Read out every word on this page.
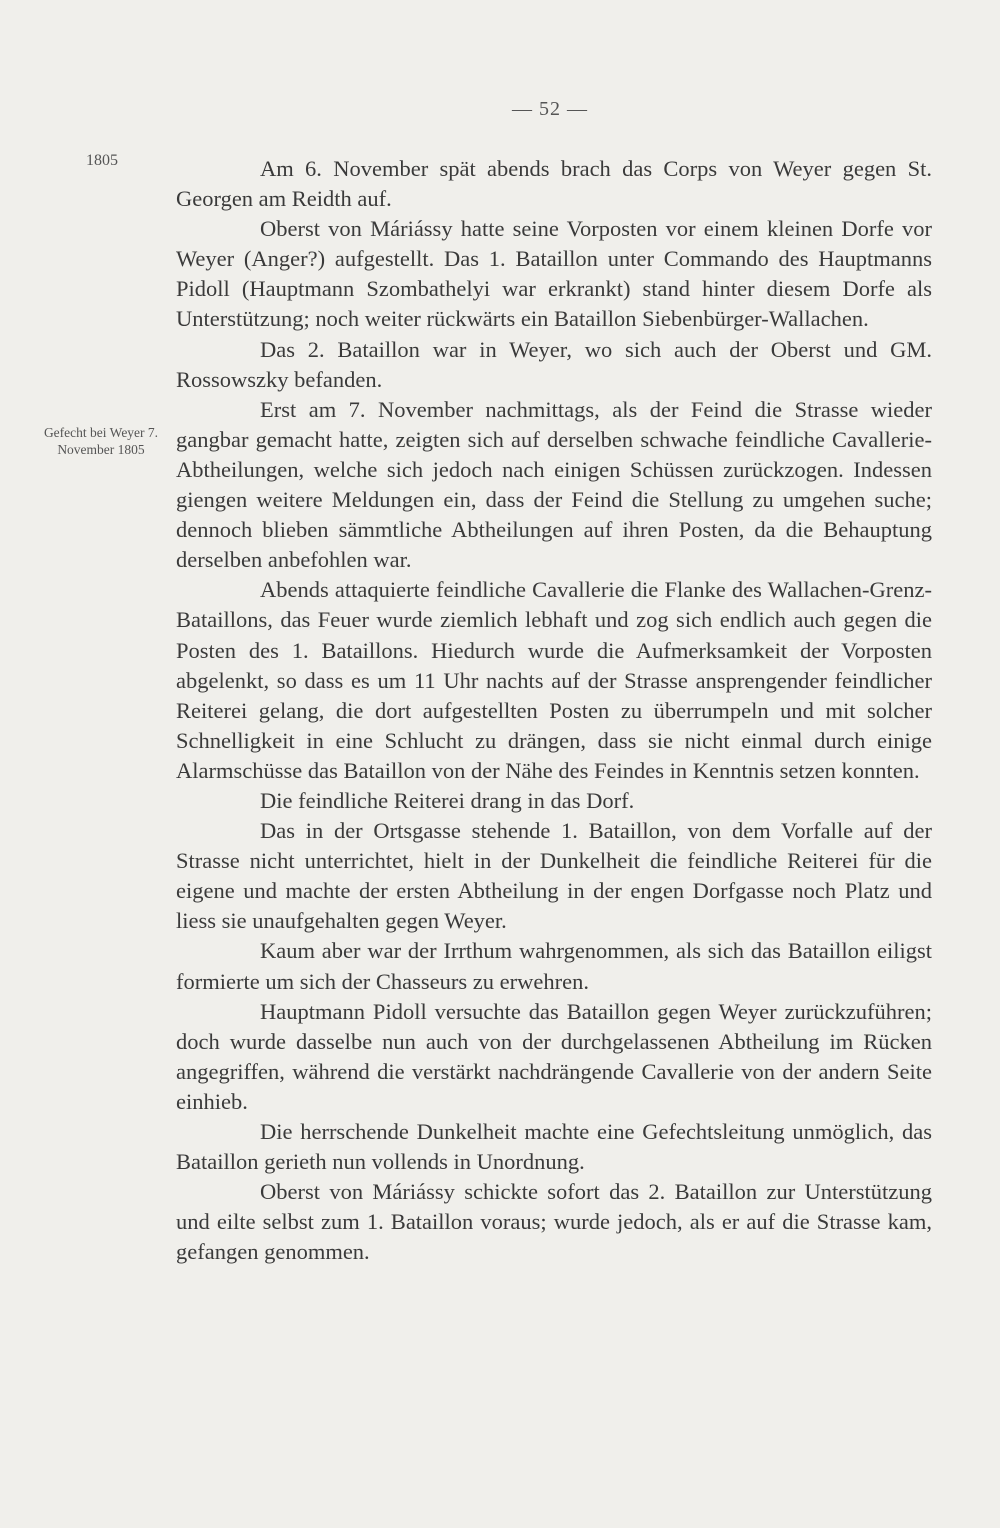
— 52 —
1805
Gefecht bei Weyer 7. November 1805

Am 6. November spät abends brach das Corps von Weyer gegen St. Georgen am Reidth auf.

Oberst von Máriássy hatte seine Vorposten vor einem kleinen Dorfe vor Weyer (Anger?) aufgestellt. Das 1. Bataillon unter Commando des Hauptmanns Pidoll (Hauptmann Szombathelyi war erkrankt) stand hinter diesem Dorfe als Unterstützung; noch weiter rückwärts ein Bataillon Siebenbürger-Wallachen.

Das 2. Bataillon war in Weyer, wo sich auch der Oberst und GM. Rossowszky befanden.

Erst am 7. November nachmittags, als der Feind die Strasse wieder gangbar gemacht hatte, zeigten sich auf derselben schwache feindliche Cavallerie-Abtheilungen, welche sich jedoch nach einigen Schüssen zurückzogen. Indessen giengen weitere Meldungen ein, dass der Feind die Stellung zu umgehen suche; dennoch blieben sämmtliche Abtheilungen auf ihren Posten, da die Behauptung derselben anbefohlen war.

Abends attaquierte feindliche Cavallerie die Flanke des Wallachen-Grenz-Bataillons, das Feuer wurde ziemlich lebhaft und zog sich endlich auch gegen die Posten des 1. Bataillons. Hiedurch wurde die Aufmerksamkeit der Vorposten abgelenkt, so dass es um 11 Uhr nachts auf der Strasse ansprengender feindlicher Reiterei gelang, die dort aufgestellten Posten zu überrumpeln und mit solcher Schnelligkeit in eine Schlucht zu drängen, dass sie nicht einmal durch einige Alarmschüsse das Bataillon von der Nähe des Feindes in Kenntnis setzen konnten.

Die feindliche Reiterei drang in das Dorf.

Das in der Ortsgasse stehende 1. Bataillon, von dem Vorfalle auf der Strasse nicht unterrichtet, hielt in der Dunkelheit die feindliche Reiterei für die eigene und machte der ersten Abtheilung in der engen Dorfgasse noch Platz und liess sie unaufgehalten gegen Weyer.

Kaum aber war der Irrthum wahrgenommen, als sich das Bataillon eiligst formierte um sich der Chasseurs zu erwehren.

Hauptmann Pidoll versuchte das Bataillon gegen Weyer zurückzuführen; doch wurde dasselbe nun auch von der durchgelassenen Abtheilung im Rücken angegriffen, während die verstärkt nachdrängende Cavallerie von der andern Seite einhieb.

Die herrschende Dunkelheit machte eine Gefechtsleitung unmöglich, das Bataillon gerieth nun vollends in Unordnung.

Oberst von Máriássy schickte sofort das 2. Bataillon zur Unterstützung und eilte selbst zum 1. Bataillon voraus; wurde jedoch, als er auf die Strasse kam, gefangen genommen.
